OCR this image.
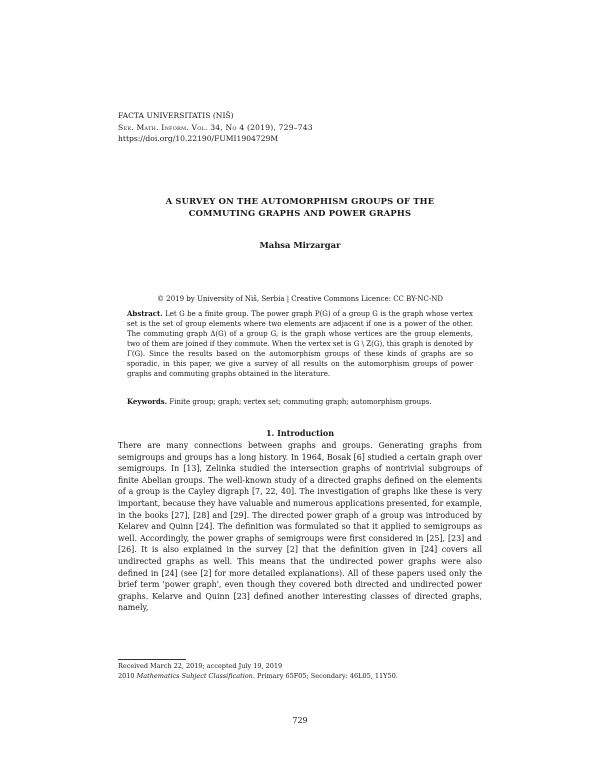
FACTA UNIVERSITATIS (NIŠ)
Ser. Math. Inform. Vol. 34, No 4 (2019), 729–743
https://doi.org/10.22190/FUMI1904729M
A SURVEY ON THE AUTOMORPHISM GROUPS OF THE
COMMUTING GRAPHS AND POWER GRAPHS
Mahsa Mirzargar
© 2019 by University of Niš, Serbia | Creative Commons Licence: CC BY-NC-ND
Abstract. Let G be a finite group. The power graph P(G) of a group G is the graph whose vertex set is the set of group elements where two elements are adjacent if one is a power of the other. The commuting graph Δ(G) of a group G, is the graph whose vertices are the group elements, two of them are joined if they commute. When the vertex set is G \ Z(G), this graph is denoted by Γ(G). Since the results based on the automorphism groups of these kinds of graphs are so sporadic, in this paper, we give a survey of all results on the automorphism groups of power graphs and commuting graphs obtained in the literature.
Keywords. Finite group; graph; vertex set; commuting graph; automorphism groups.
1. Introduction

There are many connections between graphs and groups. Generating graphs from semigroups and groups has a long history. In 1964, Bosak [6] studied a certain graph over semigroups. In [13], Zelinka studied the intersection graphs of nontrivial subgroups of finite Abelian groups. The well-known study of a directed graphs defined on the elements of a group is the Cayley digraph [7, 22, 40]. The investigation of graphs like these is very important, because they have valuable and numerous applications presented, for example, in the books [27], [28] and [29]. The directed power graph of a group was introduced by Kelarev and Quinn [24]. The definition was formulated so that it applied to semigroups as well. Accordingly, the power graphs of semigroups were first considered in [25], [23] and [26]. It is also explained in the survey [2] that the definition given in [24] covers all undirected graphs as well. This means that the undirected power graphs were also defined in [24] (see [2] for more detailed explanations). All of these papers used only the brief term 'power graph', even though they covered both directed and undirected power graphs. Kelarve and Quinn [23] defined another interesting classes of directed graphs, namely,

Received March 22, 2019; accepted July 19, 2019
2010 Mathematics Subject Classification. Primary 65F05; Secondary: 46L05, 11Y50.
729
